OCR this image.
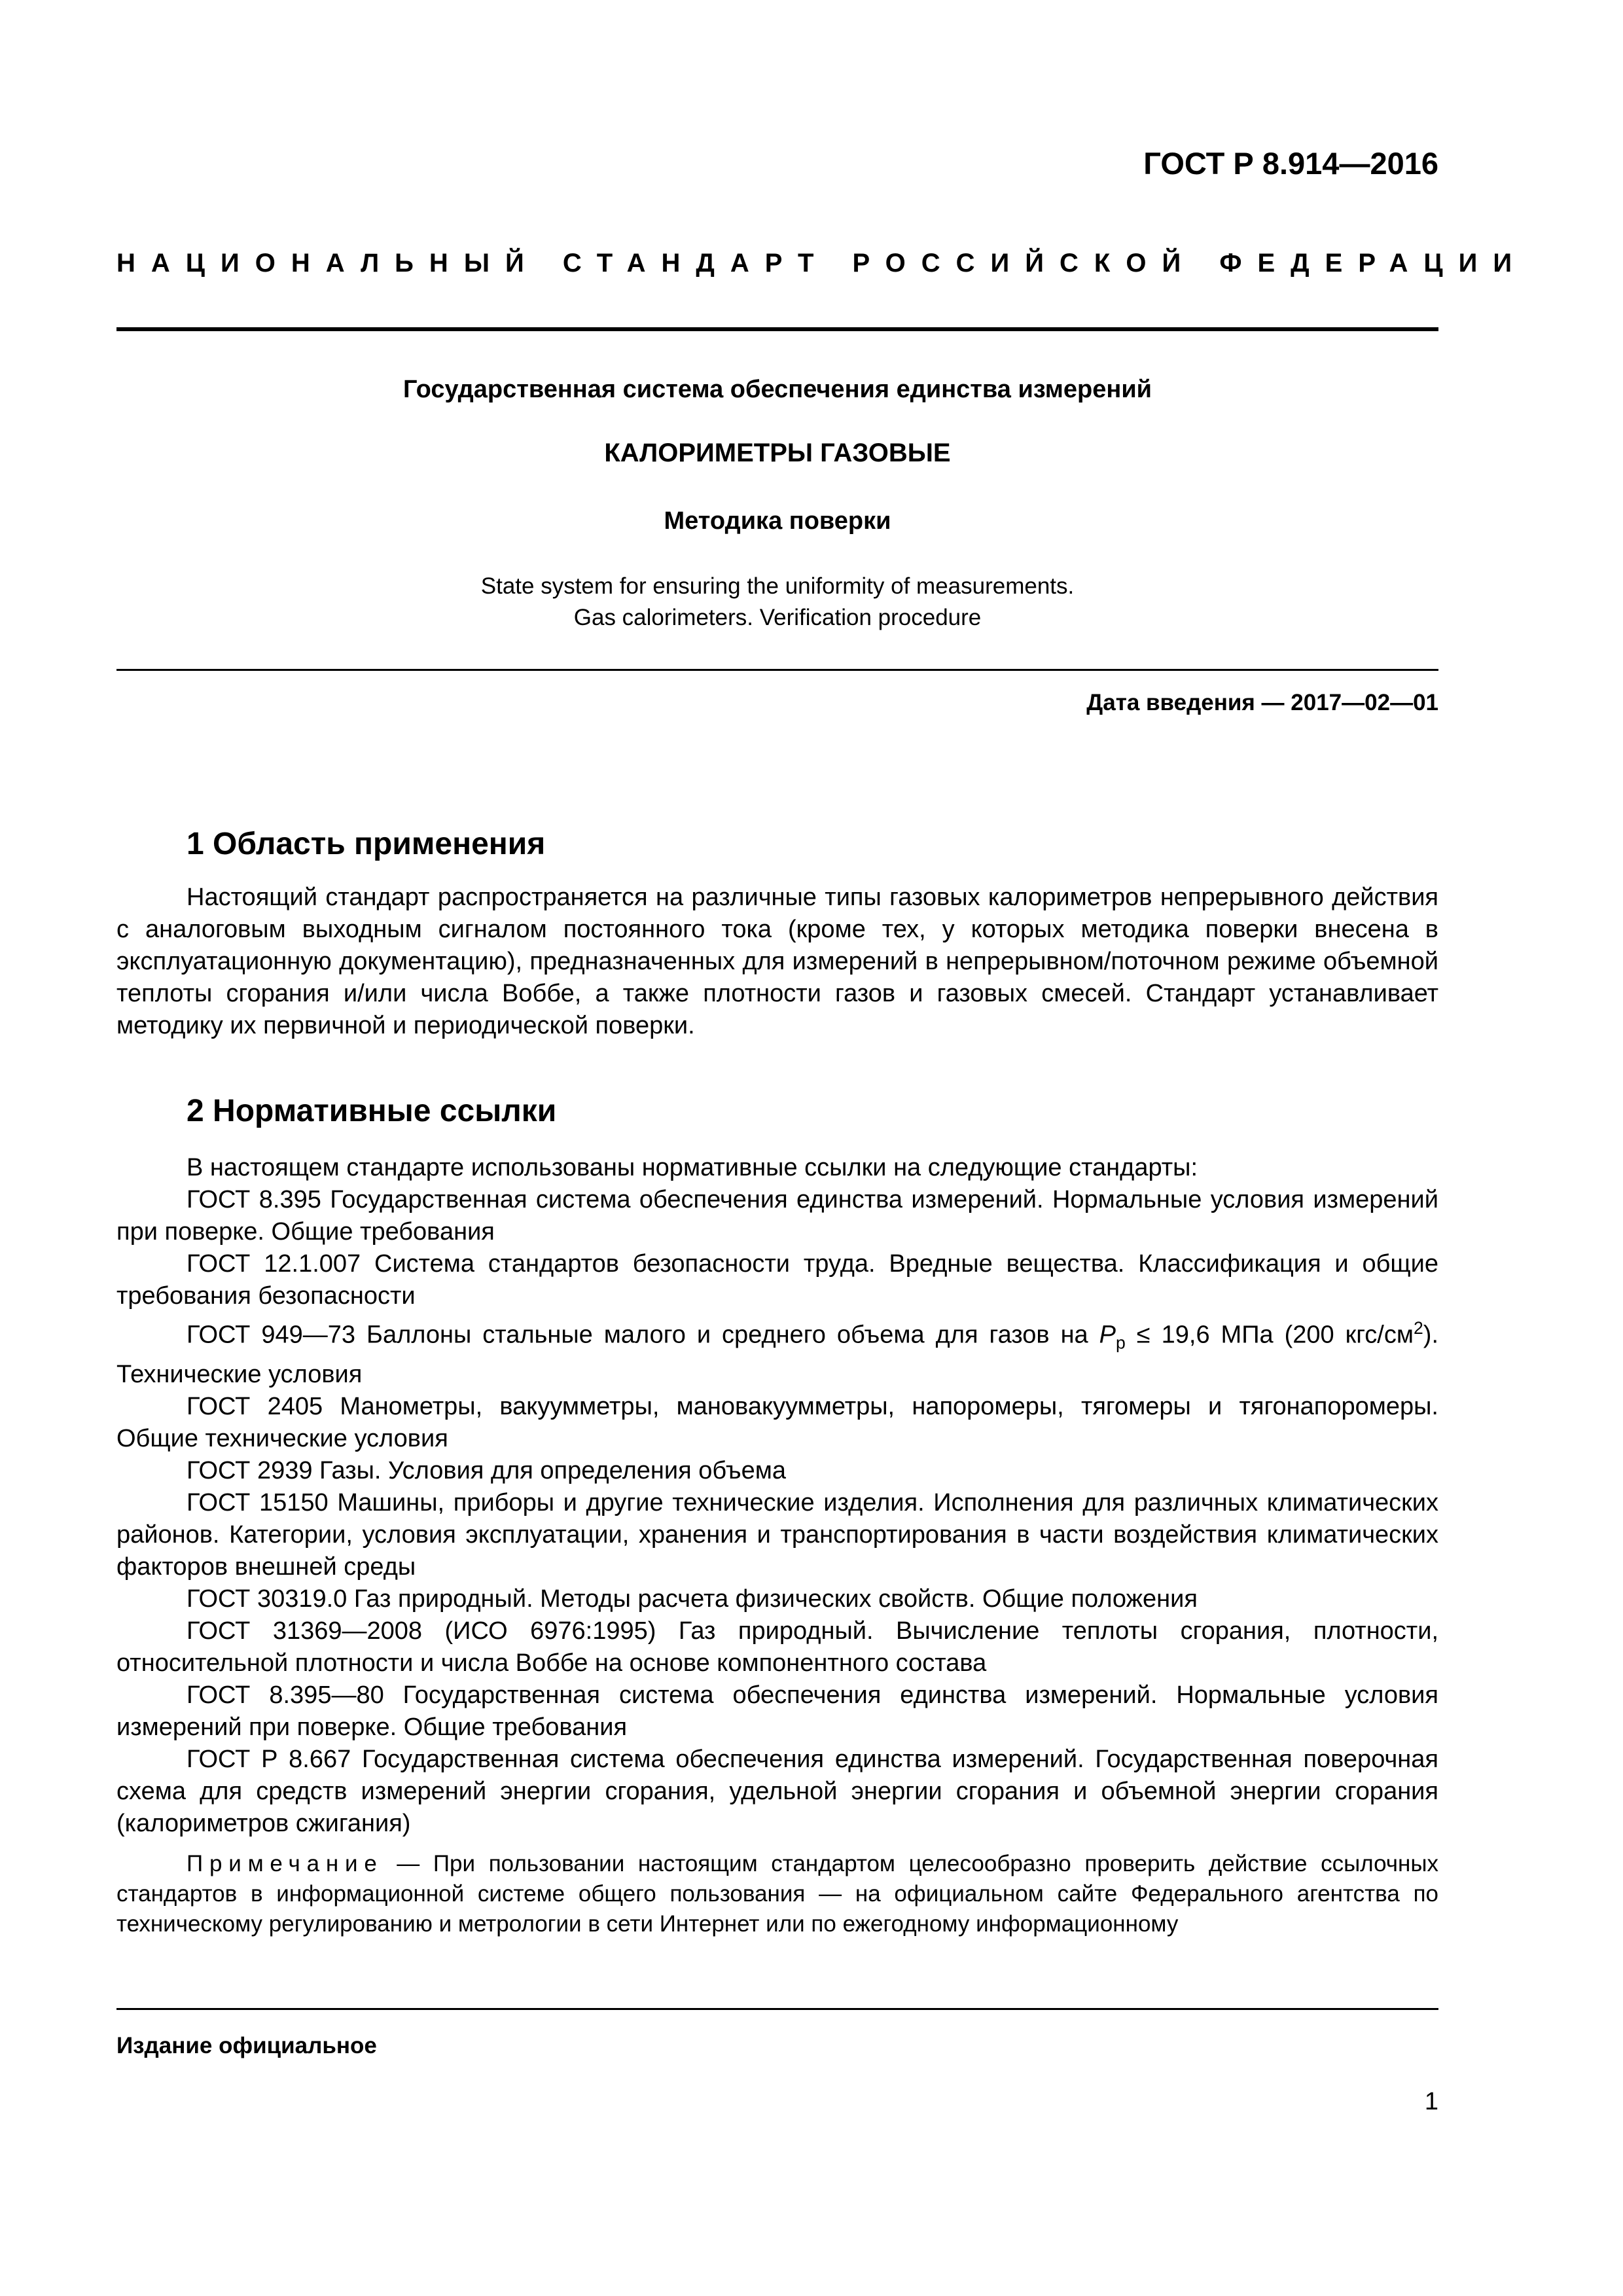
ГОСТ Р 8.914—2016
НАЦИОНАЛЬНЫЙ СТАНДАРТ РОССИЙСКОЙ ФЕДЕРАЦИИ
Государственная система обеспечения единства измерений
КАЛОРИМЕТРЫ ГАЗОВЫЕ
Методика поверки
State system for ensuring the uniformity of measurements.
Gas calorimeters. Verification procedure
Дата введения — 2017—02—01
1 Область применения
Настоящий стандарт распространяется на различные типы газовых калориметров непрерывного действия с аналоговым выходным сигналом постоянного тока (кроме тех, у которых методика поверки внесена в эксплуатационную документацию), предназначенных для измерений в непрерывном/поточном режиме объемной теплоты сгорания и/или числа Воббе, а также плотности газов и газовых смесей. Стандарт устанавливает методику их первичной и периодической поверки.
2 Нормативные ссылки
В настоящем стандарте использованы нормативные ссылки на следующие стандарты:
ГОСТ 8.395 Государственная система обеспечения единства измерений. Нормальные условия измерений при поверке. Общие требования
ГОСТ 12.1.007 Система стандартов безопасности труда. Вредные вещества. Классификация и общие требования безопасности
ГОСТ 949—73 Баллоны стальные малого и среднего объема для газов на $P_р \le 19,6$ МПа (200 кгс/$см^2$). Технические условия
ГОСТ 2405 Манометры, вакуумметры, мановакуумметры, напоромеры, тягомеры и тягонапоромеры. Общие технические условия
ГОСТ 2939 Газы. Условия для определения объема
ГОСТ 15150 Машины, приборы и другие технические изделия. Исполнения для различных климатических районов. Категории, условия эксплуатации, хранения и транспортирования в части воздействия климатических факторов внешней среды
ГОСТ 30319.0 Газ природный. Методы расчета физических свойств. Общие положения
ГОСТ 31369—2008 (ИСО 6976:1995) Газ природный. Вычисление теплоты сгорания, плотности, относительной плотности и числа Воббе на основе компонентного состава
ГОСТ 8.395—80 Государственная система обеспечения единства измерений. Нормальные условия измерений при поверке. Общие требования
ГОСТ Р 8.667 Государственная система обеспечения единства измерений. Государственная поверочная схема для средств измерений энергии сгорания, удельной энергии сгорания и объемной энергии сгорания (калориметров сжигания)
Примечание — При пользовании настоящим стандартом целесообразно проверить действие ссылочных стандартов в информационной системе общего пользования — на официальном сайте Федерального агентства по техническому регулированию и метрологии в сети Интернет или по ежегодному информационному
Издание официальное
1
